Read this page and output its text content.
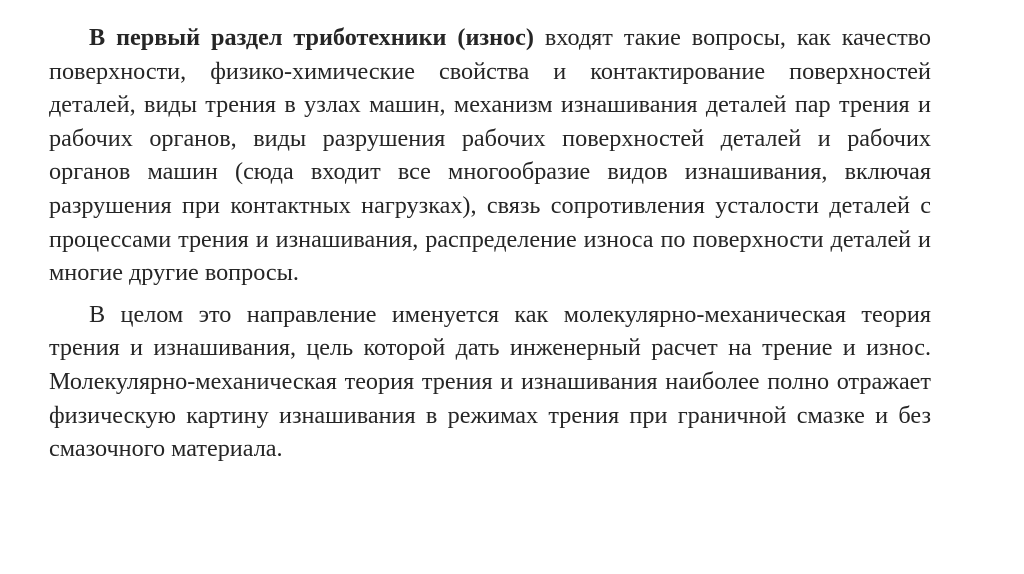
В первый раздел триботехники (износ) входят такие вопросы, как качество поверхности, физико-химические свойства и контактирование поверхностей деталей, виды трения в узлах машин, механизм изнашивания деталей пар трения и рабочих органов, виды разрушения рабочих поверхностей деталей и рабочих органов машин (сюда входит все многообразие видов изнашивания, включая разрушения при контактных нагрузках), связь сопротивления усталости деталей с процессами трения и изнашивания, распределение износа по поверхности деталей и многие другие вопросы.

В целом это направление именуется как молекулярно-механическая теория трения и изнашивания, цель которой дать инженерный расчет на трение и износ. Молекулярно-механическая теория трения и изнашивания наиболее полно отражает физическую картину изнашивания в режимах трения при граничной смазке и без смазочного материала.
